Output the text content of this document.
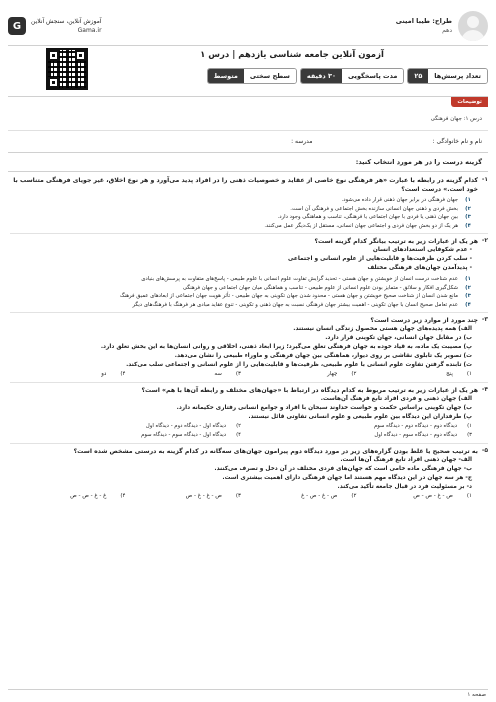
طراح: طیبا امینی
دهم
آموزش آنلاین، سنجش آنلاین
Gama.ir
G
آزمون آنلاین جامعه شناسی یازدهم | درس ۱
تعداد پرسش‌ها
۲۵
مدت پاسخگویی
۳۰ دقیقه
سطح سختی
متوسط
توضیحات
درس ۱: جهان فرهنگی
نام و نام خانوادگی :
مدرسه :
گزینه درست را در هر مورد انتخاب کنید:
۱-
کدام گزینه در رابطه با عبارت «هر فرهنگی نوع خاصی از عقاید و خصوصیات ذهنی را در افراد پدید می‌آورد و هر نوع اخلاق، غیر جویای فرهنگی متناسب با خود است.» درست است؟
۱)
جهان فرهنگی در برابر جهان ذهنی قرار داده می‌شود.
۲)
بخش فردی و ذهنی جهان انسانی سازنده بخش اجتماعی و فرهنگی آن است.
۳)
بین جهان ذهنی یا فردی با جهان اجتماعی یا فرهنگی، تناسب و هماهنگی وجود دارد.
۴)
هر یک از دو بخش جهان فردی و اجتماعی جهان انسانی، مستقل از یک‌دیگر عمل می‌کنند.
۲-
هر یک از عبارات زیر به ترتیب بیانگر کدام گزینه است؟
- عدم شکوفایی استعدادهای انسان
- سلب کردن ظرفیت‌ها و قابلیت‌هایی از علوم انسانی و اجتماعی
- پدیدآمدن جهان‌های فرهنگی مختلف
۱)
عدم شناخت درست انسان از خویشتن و جهان هستی - تحدید گرایش تفاوت علوم انسانی با علوم طبیعی - پاسخ‌های متفاوت به پرسش‌های بنیادی
۲)
شکل‌گیری افکار و سلائق - متمایز بودن علوم انسانی از علوم طبیعی - تناسب و هماهنگی میان جهان اجتماعی و جهان فرهنگی
۳)
مانع شدن انسان از شناخت صحیح خویشتن و جهان هستی - محدود شدن جهان تکوینی به جهان طبیعی - تأثر هویت جهان اجتماعی از ابعادهای عمیق فرهنگ
۴)
عدم تعامل صحیح انسان با جهان تکوینی - اهمیت بیشتر جهان فرهنگی نسبت به جهان ذهنی و تکوینی - تنوع عقاید مبادی هر فرهنگ با فرهنگ‌های دیگر
۳-
چند مورد از موارد زیر درست است؟
الف) همه پدیده‌های جهان هستی محصول زندگی انسان نیستند.
ب) در مقابل جهان انسانی، جهان تکوینی قرار دارد.
پ) مصیبت یک ماده، به قیاد خوده به جهان فرهنگی تعلق می‌گیرد؛ زیرا ابعاد ذهنی، اخلاقی و روانی انسان‌ها به این بخش تعلق دارد.
ت) تصویر یک تابلوی نقاشی بر روی دیوار، هماهنگی بین جهان فرهنگی و ماوراء طبیعی را نشان می‌دهد.
ث) تابنده گرفتن تفاوت علوم انسانی با علوم طبیعی، ظرفیت‌ها و قابلیت‌هایی را از علوم انسانی و اجتماعی سلب می‌کند.
۱)
پنج
۲)
چهار
۳)
سه
۴)
دو
۴-
هر یک از عبارات زیر به ترتیب مربوط به کدام دیدگاه در ارتباط با «جهان‌های مختلف و رابطه آن‌ها با هم» است؟
الف) جهان ذهنی و فردی افراد تابع فرهنگ آن‌هاست.
ب) جهان تکوینی براساس حکمت و خواست خداوند سبحان با افراد و جوامع انسانی رفتاری حکیمانه دارد.
پ) طرفداران این دیدگاه بین علوم طبیعی و علوم انسانی تفاوتی قائل نیستند.
۱)
دیدگاه دوم - دیدگاه دوم - دیدگاه سوم
۲)
دیدگاه اول - دیدگاه دوم - دیدگاه اول
۳)
دیدگاه دوم - دیدگاه سوم - دیدگاه اول
۴)
دیدگاه اول - دیدگاه سوم - دیدگاه سوم
۵-
به ترتیب صحیح یا غلط بودن گزاره‌های زیر در مورد دیدگاه دوم پیرامون جهان‌های سه‌گانه در کدام گزینه به درستی مشخص شده است؟
الف- جهان ذهنی افراد تابع فرهنگ آن‌ها است.
ب- جهان فرهنگی ماده خامی است که جهان‌های فردی مختلف در آن دخل و تصرف می‌کنند.
ج- هر سه جهان در این دیدگاه مهم هستند اما جهان فرهنگی دارای اهمیت بیشتری است.
د- بر مسئولیت فرد در قبال جامعه تأکید می‌کند.
۱)
ص - غ - ص - ص
۲)
ص - غ - ص - غ
۳)
ص - غ - غ - ص
۴)
غ - غ - ص - ص
صفحه ۱
